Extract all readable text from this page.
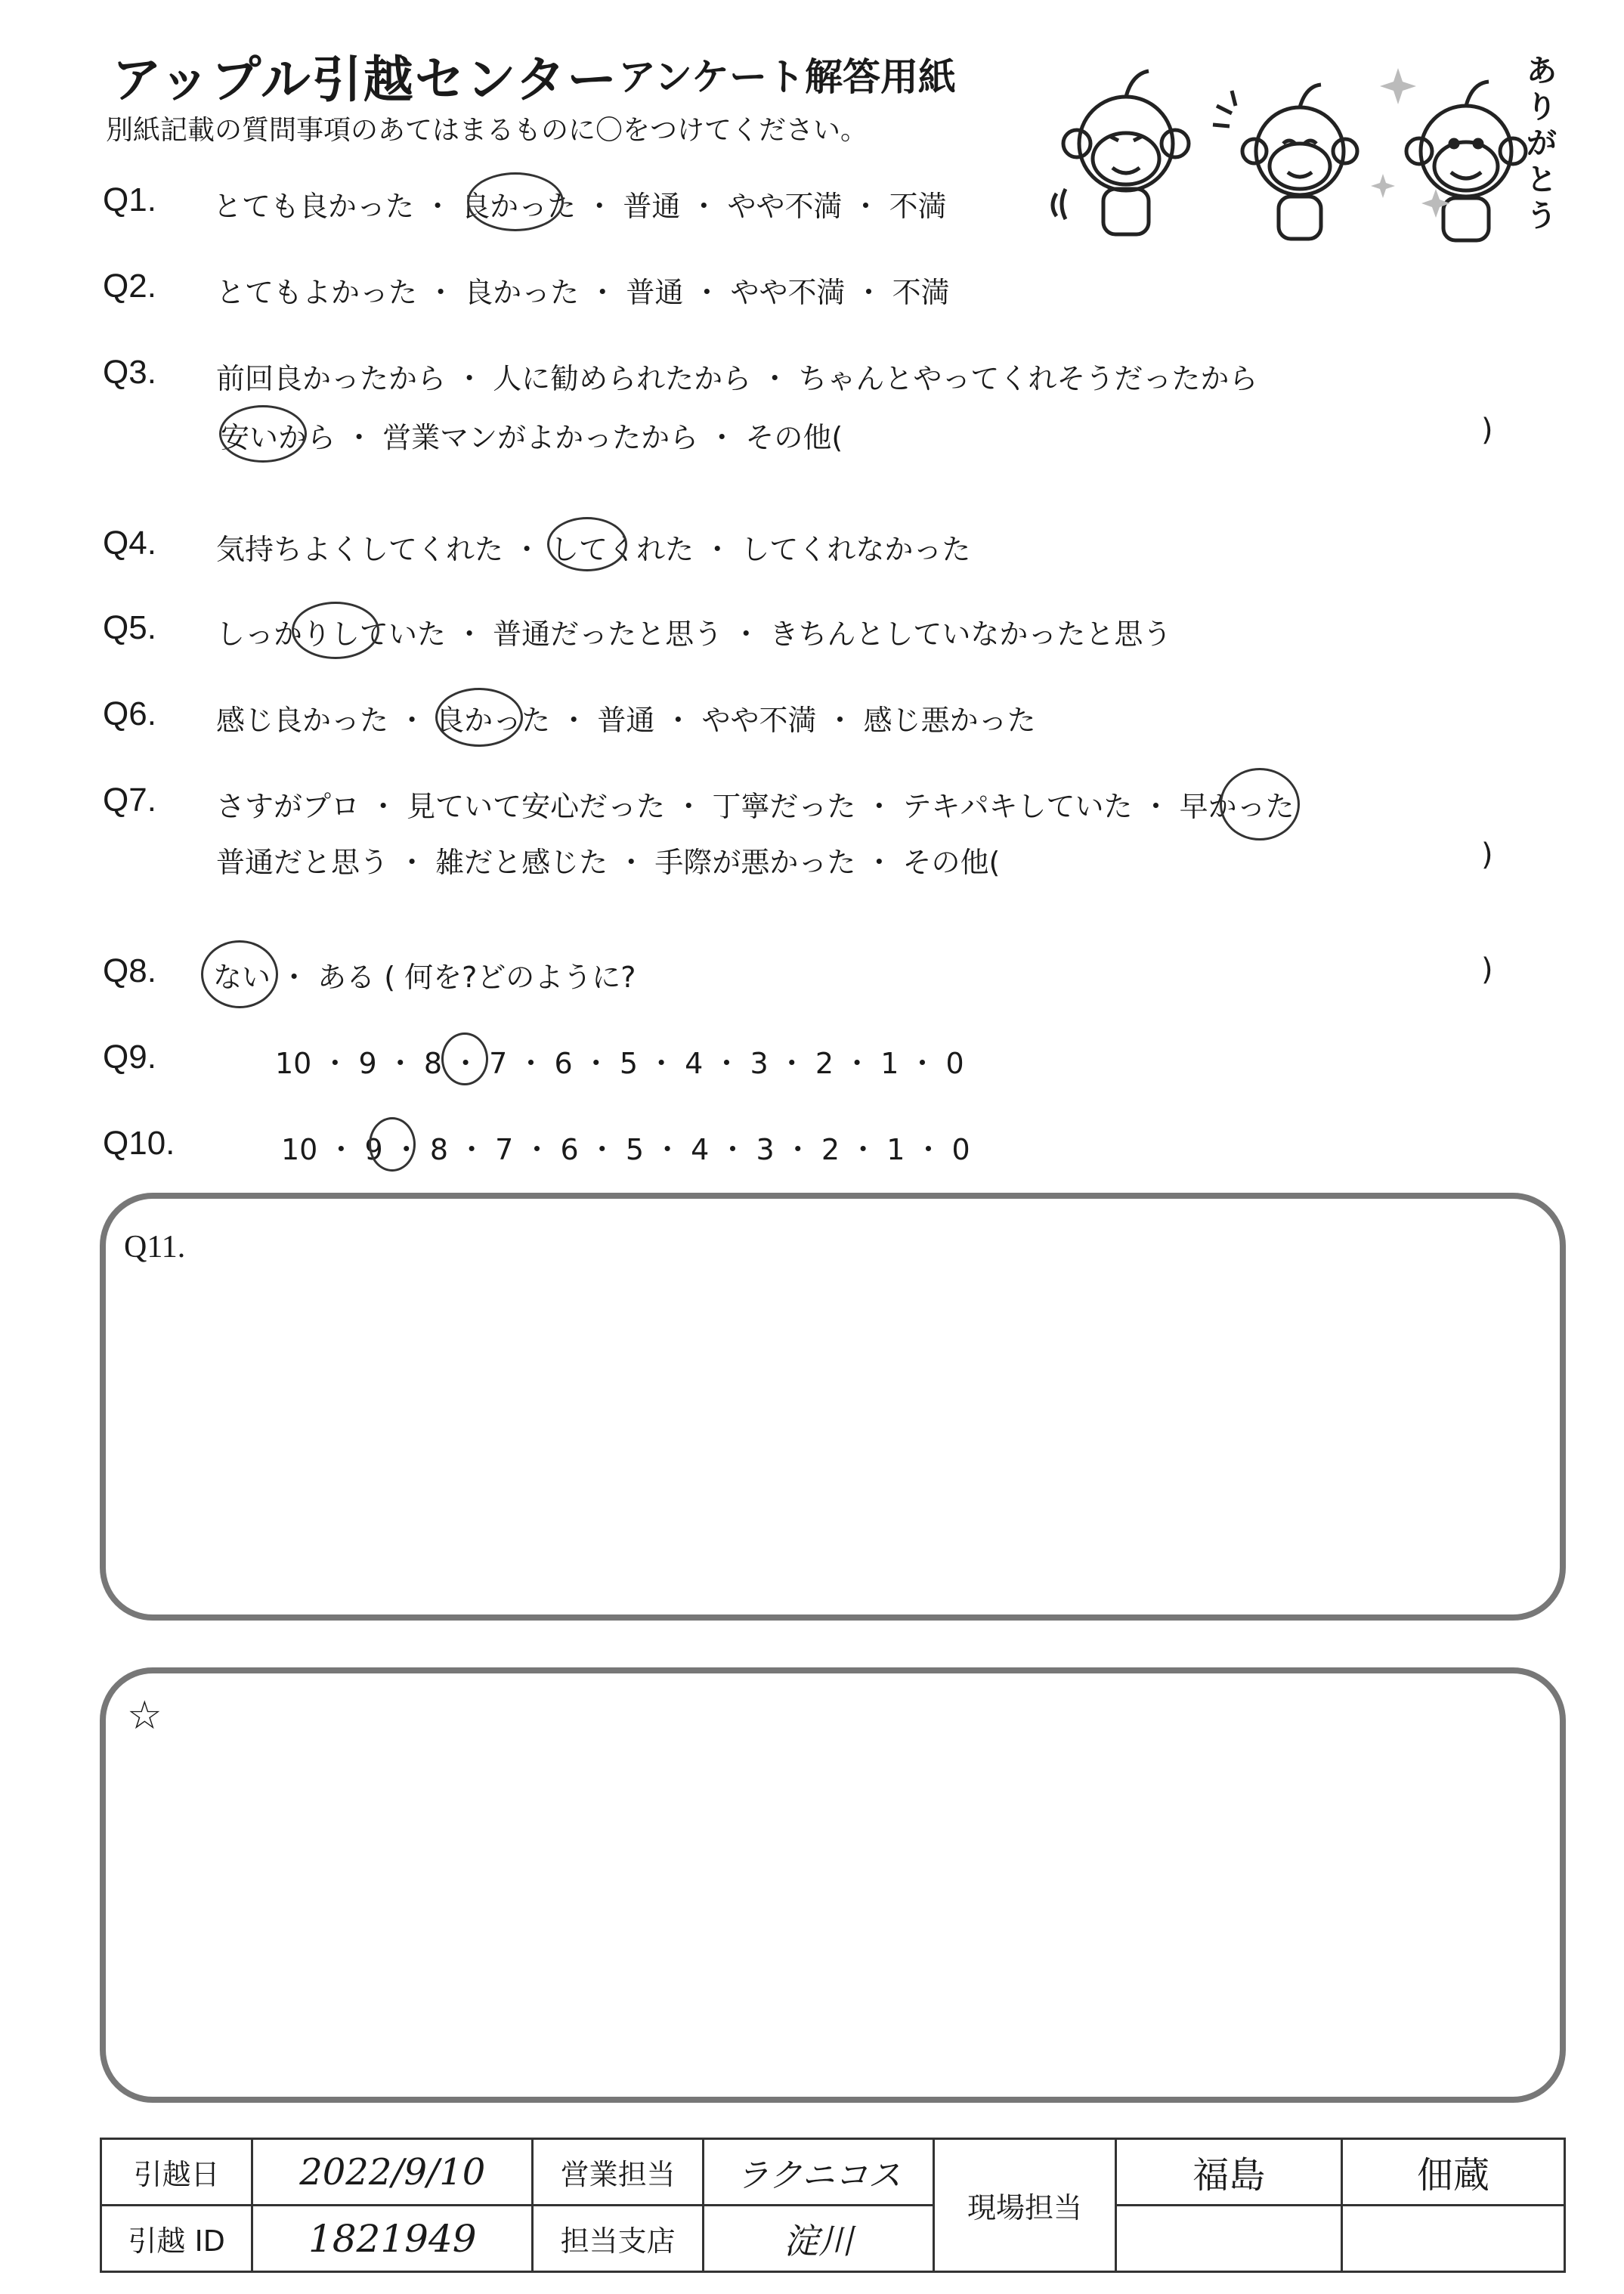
アップル引越センター アンケート解答用紙
別紙記載の質問事項のあてはまるものに〇をつけてください。
ありがとう
Q1. とても良かった ・ 良かった ・ 普通 ・ やや不満 ・ 不満
Q2. とてもよかった ・ 良かった ・ 普通 ・ やや不満 ・ 不満
Q3. 前回良かったから ・ 人に勧められたから ・ ちゃんとやってくれそうだったから
安いから ・ 営業マンがよかったから ・ その他(	)
Q4. 気持ちよくしてくれた ・ してくれた ・ してくれなかった
Q5. しっかりしていた ・ 普通だったと思う ・ きちんとしていなかったと思う
Q6. 感じ良かった ・ 良かった ・ 普通 ・ やや不満 ・ 感じ悪かった
Q7. さすがプロ ・ 見ていて安心だった ・ 丁寧だった ・ テキパキしていた ・ 早かった
普通だと思う ・ 雑だと感じた ・ 手際が悪かった ・ その他(	)
Q8. ない ・ ある ( 何を?どのように?	)
Q9.	10 ・ 9 ・ 8 ・ 7 ・ 6 ・ 5 ・ 4 ・ 3 ・ 2 ・ 1 ・ 0
Q10.	10 ・ 9 ・ 8 ・ 7 ・ 6 ・ 5 ・ 4 ・ 3 ・ 2 ・ 1 ・ 0
Q11.
☆
引越日	2022/9/10	営業担当	ラクニコス	現場担当	福島	佃蔵
引越 ID	1821949	担当支店	淀川			
